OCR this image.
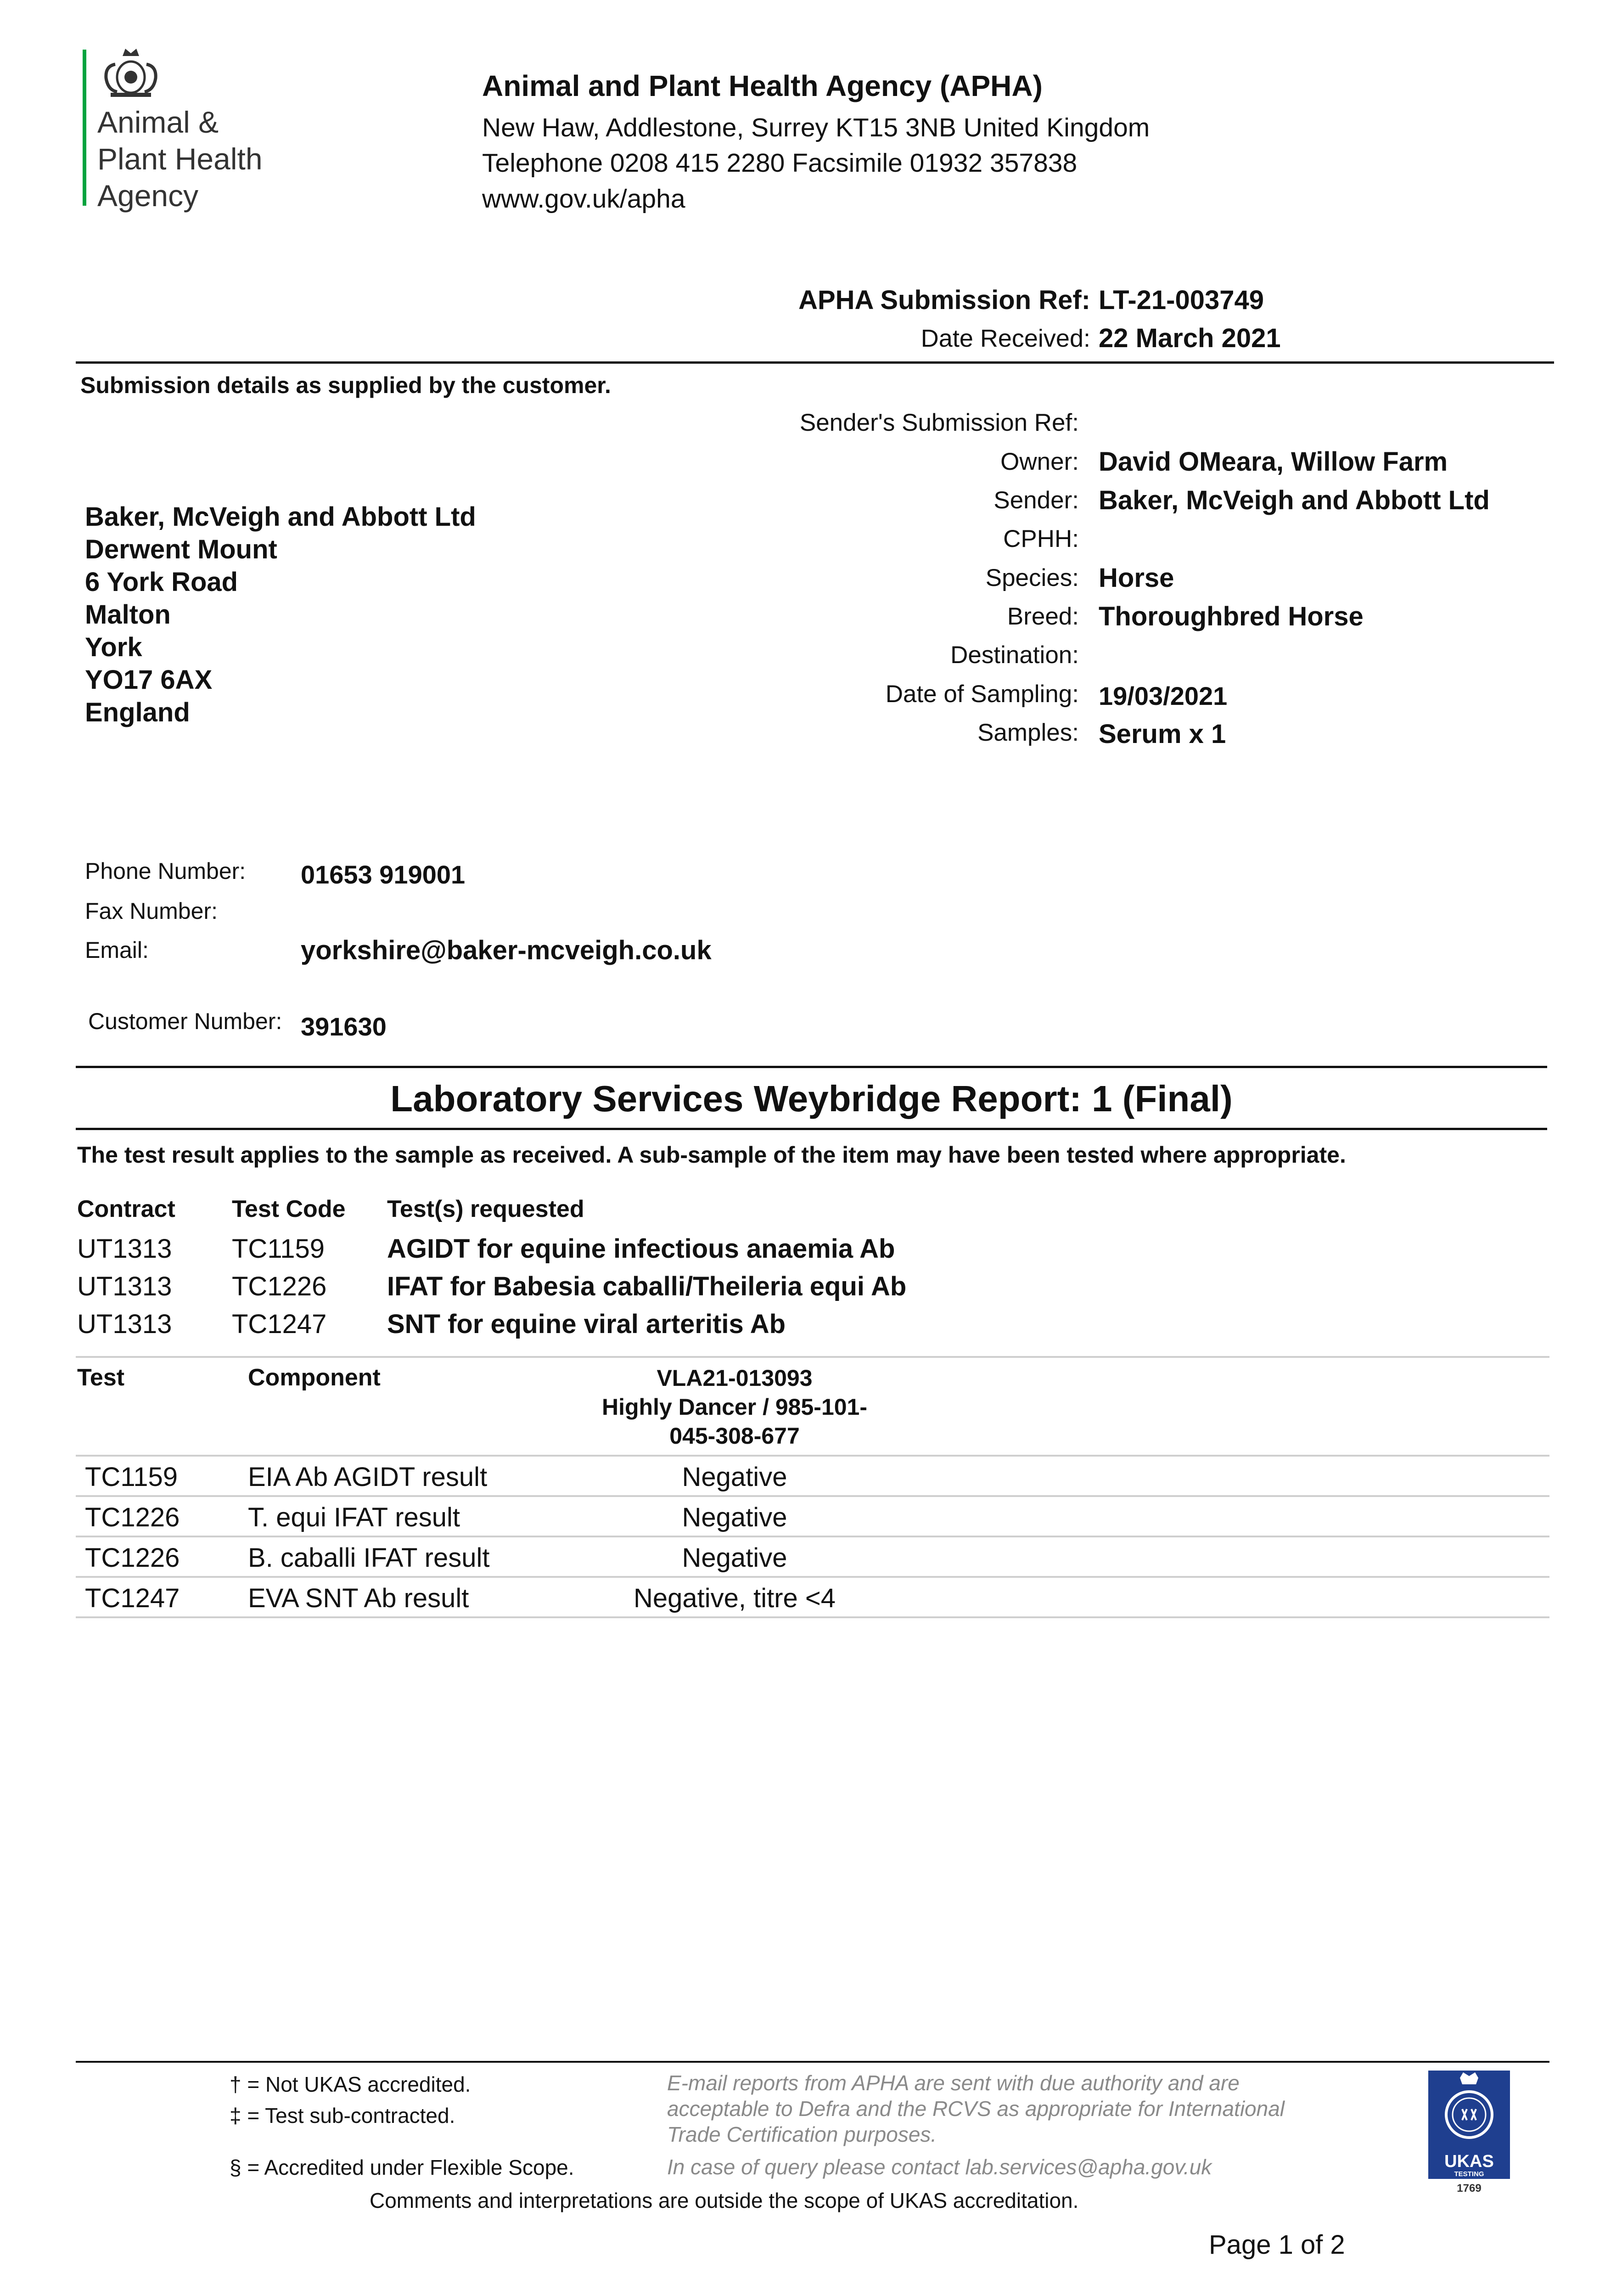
Animal &
Plant Health
Agency
Animal and Plant Health Agency (APHA)
New Haw, Addlestone, Surrey KT15 3NB United Kingdom
Telephone 0208 415 2280 Facsimile 01932 357838
www.gov.uk/apha
APHA Submission Ref: LT-21-003749
Date Received: 22 March 2021
Submission details as supplied by the customer.
Baker, McVeigh and Abbott Ltd
Derwent Mount
6 York Road
Malton
York
YO17 6AX
England
Sender's Submission Ref:
Owner: David OMeara, Willow Farm
Sender: Baker, McVeigh and Abbott Ltd
CPHH:
Species: Horse
Breed: Thoroughbred Horse
Destination:
Date of Sampling: 19/03/2021
Samples: Serum x 1
Phone Number: 01653 919001
Fax Number:
Email:	yorkshire@baker-mcveigh.co.uk
Customer Number: 391630
Laboratory Services Weybridge Report: 1 (Final)
The test result applies to the sample as received. A sub-sample of the item may have been tested where appropriate.
Contract Test Code Test(s) requested
UT1313 TC1159 AGIDT for equine infectious anaemia Ab
UT1313 TC1226 IFAT for Babesia caballi/Theileria equi Ab
UT1313 TC1247 SNT for equine viral arteritis Ab
Test	Component	VLA21-013093
Highly Dancer / 985-101-
045-308-677
TC1159	EIA Ab AGIDT result	Negative
TC1226	T. equi IFAT result	Negative
TC1226	B. caballi IFAT result	Negative
TC1247	EVA SNT Ab result	Negative, titre <4
† = Not UKAS accredited.
‡ = Test sub-contracted.
§ = Accredited under Flexible Scope.
E-mail reports from APHA are sent with due authority and are
acceptable to Defra and the RCVS as appropriate for International
Trade Certification purposes.
In case of query please contact lab.services@apha.gov.uk
Comments and interpretations are outside the scope of UKAS accreditation.
Page 1 of 2
UKAS
TESTING
1769
